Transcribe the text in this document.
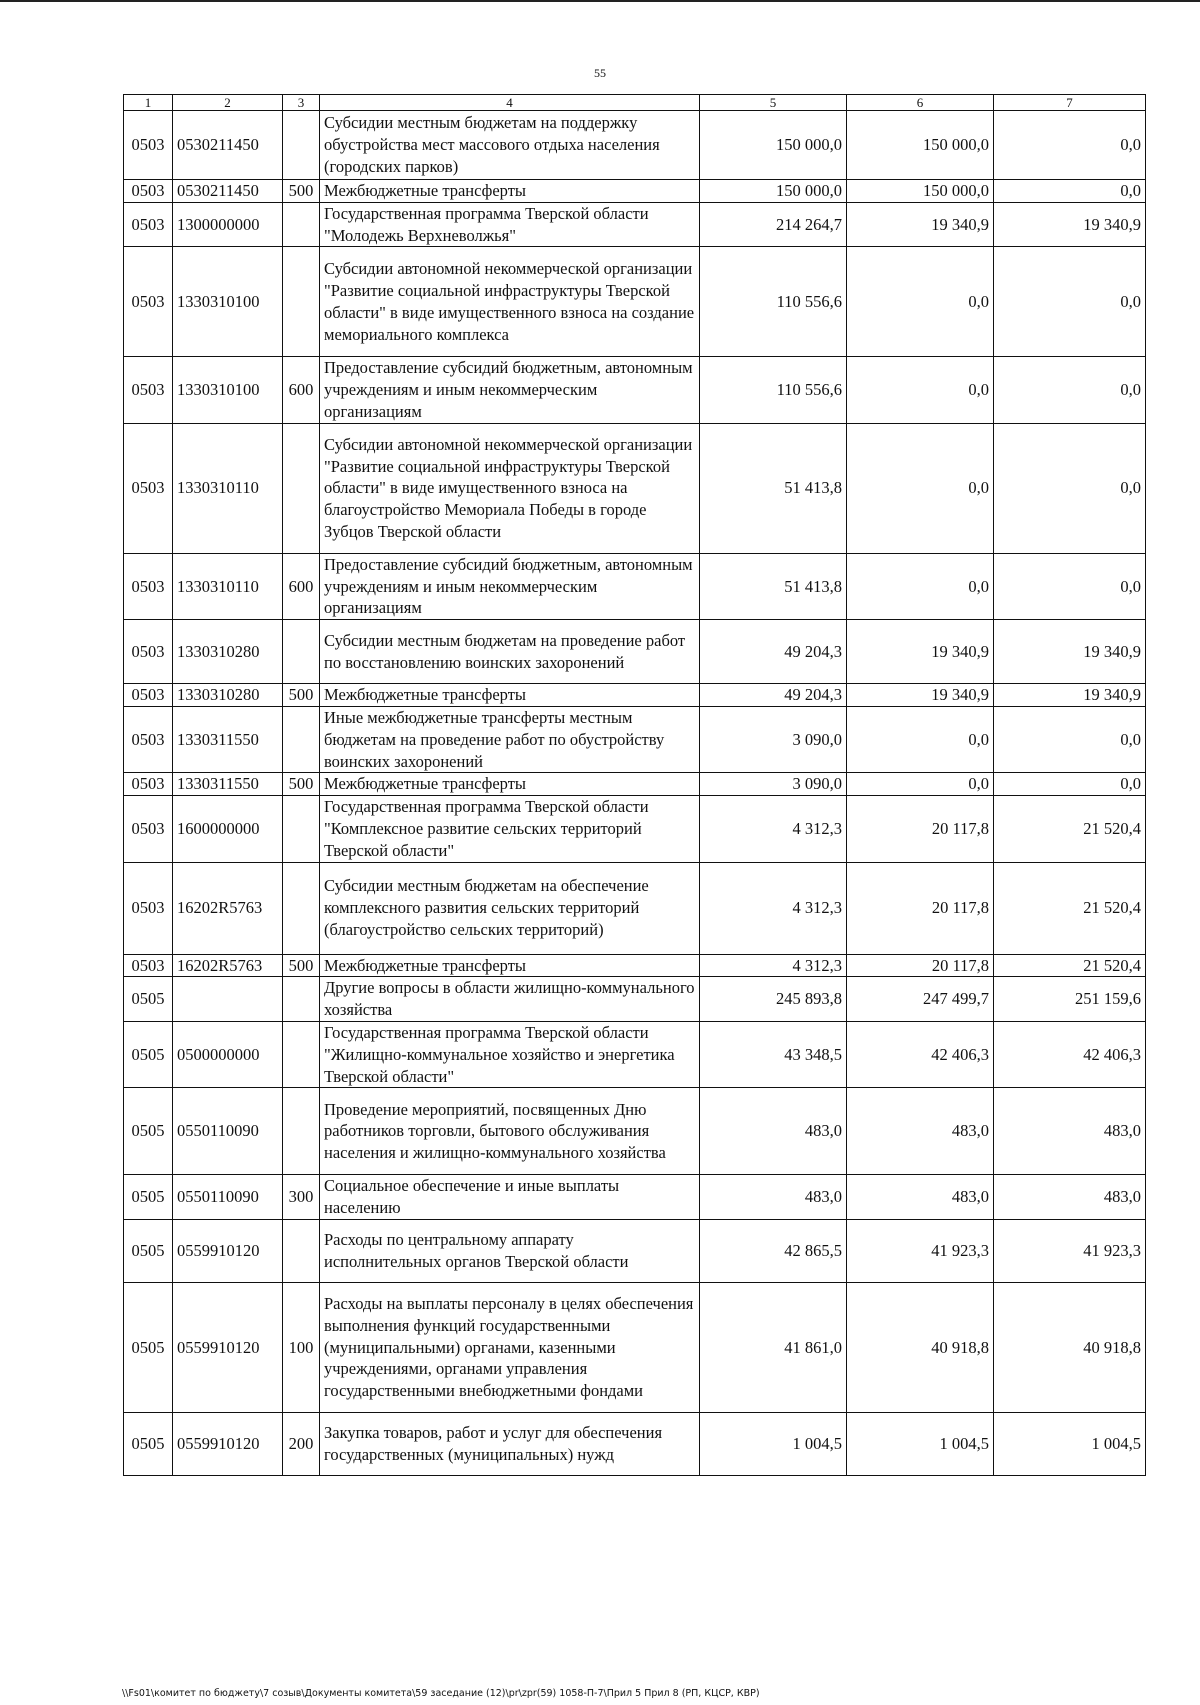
55
1	2	3	4	5	6	7
0503	0530211450		Субсидии местным бюджетам на поддержку обустройства мест массового отдыха населения (городских парков)	150 000,0	150 000,0	0,0
0503	0530211450	500	Межбюджетные трансферты	150 000,0	150 000,0	0,0
0503	1300000000		Государственная программа Тверской области "Молодежь Верхневолжья"	214 264,7	19 340,9	19 340,9
0503	1330310100		Субсидии автономной некоммерческой организации "Развитие социальной инфраструктуры Тверской области" в виде имущественного взноса на создание мемориального комплекса	110 556,6	0,0	0,0
0503	1330310100	600	Предоставление субсидий бюджетным, автономным учреждениям и иным некоммерческим организациям	110 556,6	0,0	0,0
0503	1330310110		Субсидии автономной некоммерческой организации "Развитие социальной инфраструктуры Тверской области" в виде имущественного взноса на благоустройство Мемориала Победы в городе Зубцов Тверской области	51 413,8	0,0	0,0
0503	1330310110	600	Предоставление субсидий бюджетным, автономным учреждениям и иным некоммерческим организациям	51 413,8	0,0	0,0
0503	1330310280		Субсидии местным бюджетам на проведение работ по восстановлению воинских захоронений	49 204,3	19 340,9	19 340,9
0503	1330310280	500	Межбюджетные трансферты	49 204,3	19 340,9	19 340,9
0503	1330311550		Иные межбюджетные трансферты местным бюджетам на проведение работ по обустройству воинских захоронений	3 090,0	0,0	0,0
0503	1330311550	500	Межбюджетные трансферты	3 090,0	0,0	0,0
0503	1600000000		Государственная программа Тверской области "Комплексное развитие сельских территорий Тверской области"	4 312,3	20 117,8	21 520,4
0503	16202R5763		Субсидии местным бюджетам на обеспечение комплексного развития сельских территорий (благоустройство сельских территорий)	4 312,3	20 117,8	21 520,4
0503	16202R5763	500	Межбюджетные трансферты	4 312,3	20 117,8	21 520,4
0505			Другие вопросы в области жилищно-коммунального хозяйства	245 893,8	247 499,7	251 159,6
0505	0500000000		Государственная программа Тверской области "Жилищно-коммунальное хозяйство и энергетика Тверской области"	43 348,5	42 406,3	42 406,3
0505	0550110090		Проведение мероприятий, посвященных Дню работников торговли, бытового обслуживания населения и жилищно-коммунального хозяйства	483,0	483,0	483,0
0505	0550110090	300	Социальное обеспечение и иные выплаты населению	483,0	483,0	483,0
0505	0559910120		Расходы по центральному аппарату исполнительных органов Тверской области	42 865,5	41 923,3	41 923,3
0505	0559910120	100	Расходы на выплаты персоналу в целях обеспечения выполнения функций государственными (муниципальными) органами, казенными учреждениями, органами управления государственными внебюджетными фондами	41 861,0	40 918,8	40 918,8
0505	0559910120	200	Закупка товаров, работ и услуг для обеспечения государственных (муниципальных) нужд	1 004,5	1 004,5	1 004,5
\\Fs01\комитет по бюджету\7 созыв\Документы комитета\59 заседание (12)\pr\zpr(59) 1058-П-7\Прил 5 Прил 8 (РП, КЦСР, КВР)
